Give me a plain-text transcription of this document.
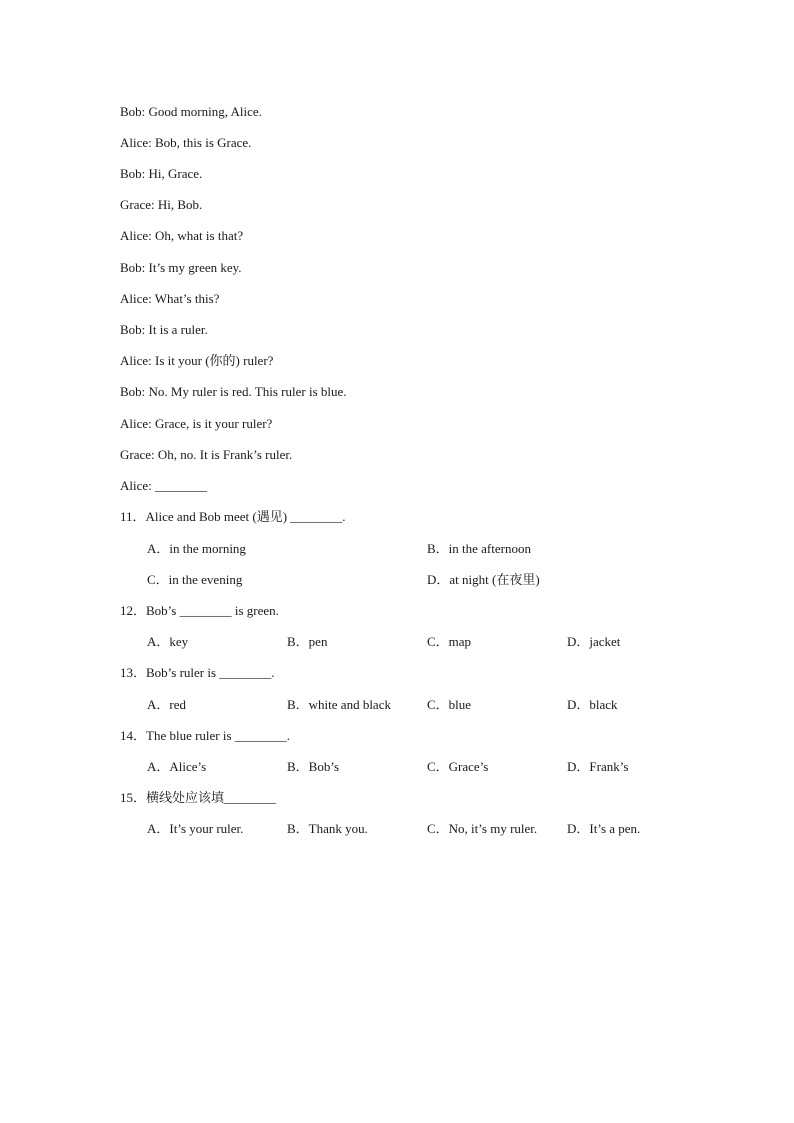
Bob: Good morning, Alice.
Alice: Bob, this is Grace.
Bob: Hi, Grace.
Grace: Hi, Bob.
Alice: Oh, what is that?
Bob: It’s my green key.
Alice: What’s this?
Bob: It is a ruler.
Alice: Is it your (你的) ruler?
Bob: No. My ruler is red. This ruler is blue.
Alice: Grace, is it your ruler?
Grace: Oh, no. It is Frank’s ruler.
Alice: ________
11．Alice and Bob meet (遇见) ________.
A．in the morning	B．in the afternoon
C．in the evening	D．at night (在夜里)
12．Bob’s ________ is green.
A．key	B．pen	C．map	D．jacket
13．Bob’s ruler is ________.
A．red	B．white and black	C．blue	D．black
14．The blue ruler is ________.
A．Alice’s	B．Bob’s	C．Grace’s	D．Frank’s
15．横线处应该填________
A．It’s your ruler.	B．Thank you.	C．No, it’s my ruler. D．It’s a pen.
